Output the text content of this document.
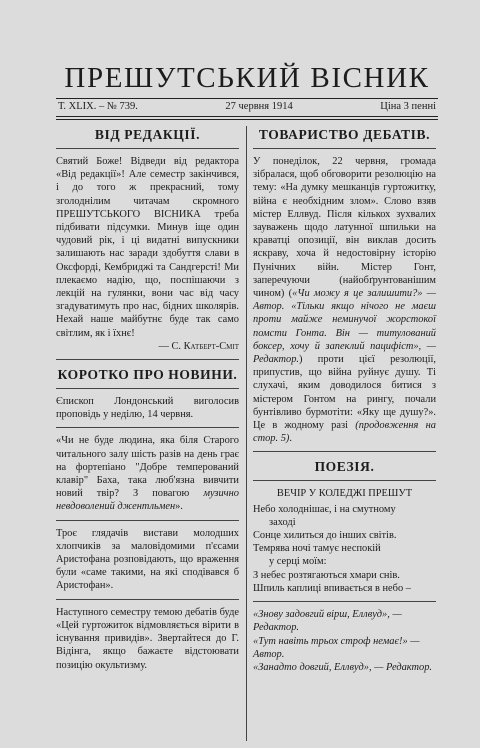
ПРЕШУТСЬКИЙ ВІСНИК
Т. XLIX. – № 739.	27 червня 1914	Ціна 3 пенні
ВІД РЕДАКЦІЇ.

Святий Боже! Відведи від редактора «Від редакції»! Але семестр закінчився, і до того ж прекрасний, тому зголоднілим читачам скромного ПРЕШУТСЬКОГО ВІСНИКА треба підбивати підсумки. Минув іще один чудовий рік, і ці видатні випускники залишають нас заради здобуття слави в Оксфорді, Кембриджі та Сандгерсті! Ми плекаємо надію, що, поспішаючи з лекцій на гулянки, вони час від часу згадуватимуть про нас, бідних школярів. Нехай наше майбутнє буде так само світлим, як і їхнє!

— С. Катберт-Сміт
КОРОТКО ПРО НОВИНИ.

Єпископ Лондонський виголосив проповідь у неділю, 14 червня.

«Чи не буде людина, яка біля Старого читального залу шість разів на день грає на фортепіано "Добре темперований клавір" Баха, така люб'язна вивчити новий твір? З повагою музично невдоволений джентльмен».

Троє глядачів вистави молодших хлопчиків за маловідомими п'єсами Аристофана розповідають, що враження були «саме такими, на які сподівався б Аристофан».

Наступного семестру темою дебатів буде «Цей гуртожиток відмовляється вірити в існування привидів». Звертайтеся до Г. Відінга, якщо бажаєте відстоювати позицію окультизму.

ТОВАРИСТВО ДЕБАТІВ.

У понеділок, 22 червня, громада зібралася, щоб обговорити резолюцію на тему: «На думку мешканців гуртожитку, війна є необхідним злом». Слово взяв містер Еллвуд. Після кількох зухвалих зауважень щодо латунної шпильки на краватці опозиції, він виклав досить яскраву, хоча й недостовірну історію Пунічних війн. Містер Гонт, заперечуючи (найобґрунтованішим чином) («Чи можу я це залишити?» — Автор. «Тільки якщо нічого не маєш проти майже неминучої жорстокої помсти Гонта. Він — титулований боксер, хочу й запеклий пацифіст», — Редактор.) проти цієї резолюції, припустив, що війна руйнує душу. Ті слухачі, яким доводилося битися з містером Гонтом на рингу, почали бунтівливо бурмотіти: «Яку ще душу?». Це в жодному разі (продовження на стор. 5).

ПОЕЗІЯ.
ВЕЧІР У КОЛЕДЖІ ПРЕШУТ

Небо холоднішає, і на смутному

заході

Сонце хилиться до інших світів.

Темрява ночі тамує неспокій

у серці моїм:

З небес розтягаються хмари снів.

Шпиль каплиці впивається в небо –

«Знову задовгий вірш, Еллвуд», — Редактор.

«Тут навіть трьох строф немає!» — Автор.

«Занадто довгий, Еллвуд», — Редактор.
